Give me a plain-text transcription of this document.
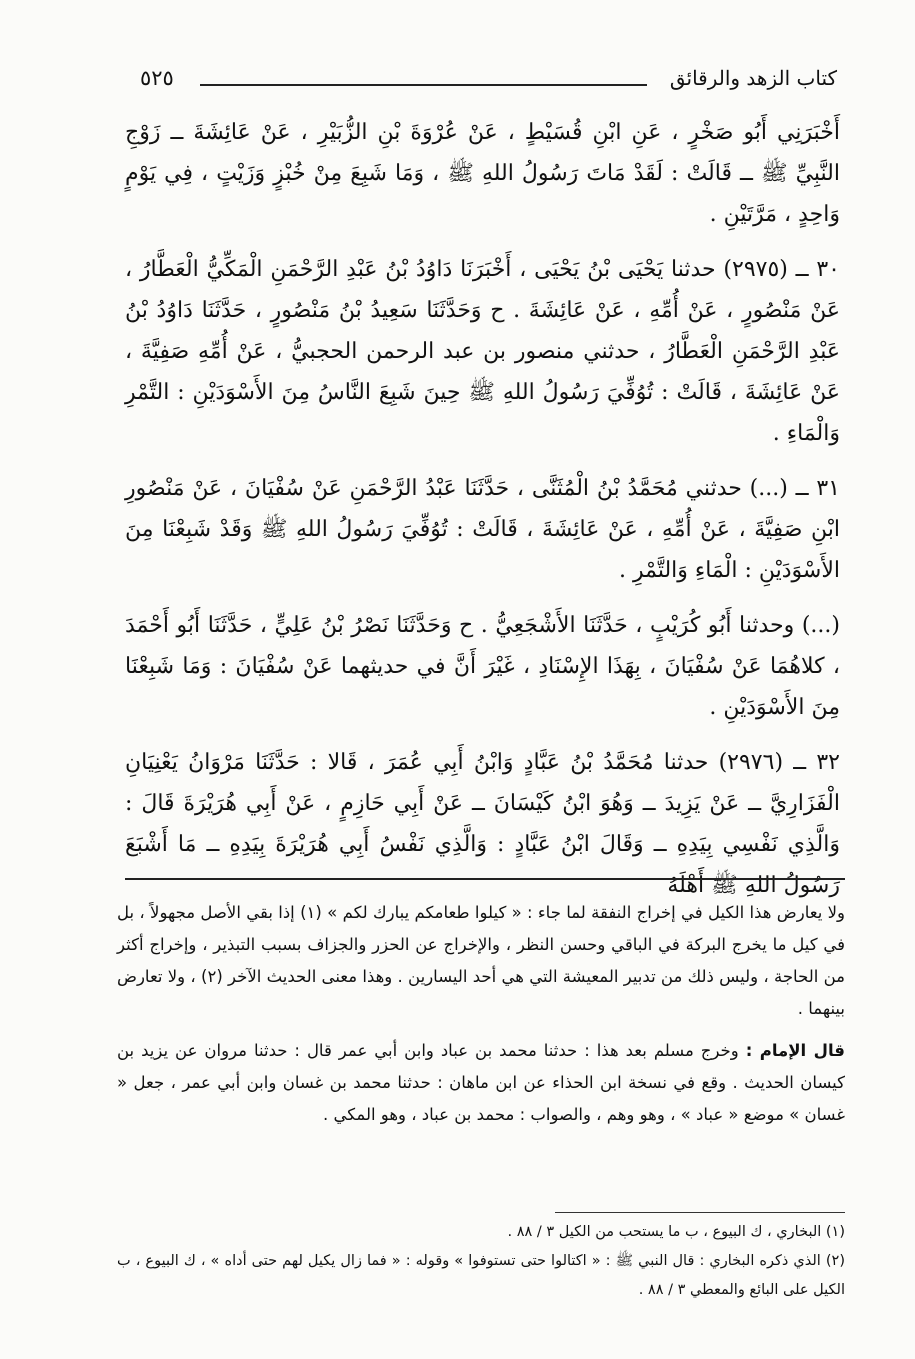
كتاب الزهد والرقائق
٥٢٥

أَخْبَرَنِي أَبُو صَخْرٍ ، عَنِ ابْنِ قُسَيْطٍ ، عَنْ عُرْوَةَ بْنِ الزُّبَيْرِ ، عَنْ عَائِشَةَ ــ زَوْجِ النَّبِيِّ ﷺ ــ قَالَتْ : لَقَدْ مَاتَ رَسُولُ اللهِ ﷺ ، وَمَا شَبِعَ مِنْ خُبْزٍ وَزَيْتٍ ، فِي يَوْمٍ وَاحِدٍ ، مَرَّتَيْنِ .

٣٠ ــ (٢٩٧٥) حدثنا يَحْيَى بْنُ يَحْيَى ، أَخْبَرَنَا دَاوُدُ بْنُ عَبْدِ الرَّحْمَنِ الْمَكِّيُّ الْعَطَّارُ ، عَنْ مَنْصُورٍ ، عَنْ أُمِّهِ ، عَنْ عَائِشَةَ . ح وَحَدَّثَنَا سَعِيدُ بْنُ مَنْصُورٍ ، حَدَّثَنَا دَاوُدُ بْنُ عَبْدِ الرَّحْمَنِ الْعَطَّارُ ، حدثني منصور بن عبد الرحمن الحجبيُّ ، عَنْ أُمِّهِ صَفِيَّةَ ، عَنْ عَائِشَةَ ، قَالَتْ : تُوُفِّيَ رَسُولُ اللهِ ﷺ حِينَ شَبِعَ النَّاسُ مِنَ الأَسْوَدَيْنِ : التَّمْرِ وَالْمَاءِ .

٣١ ــ (...) حدثني مُحَمَّدُ بْنُ الْمُثَنَّى ، حَدَّثَنَا عَبْدُ الرَّحْمَنِ عَنْ سُفْيَانَ ، عَنْ مَنْصُورِ ابْنِ صَفِيَّةَ ، عَنْ أُمِّهِ ، عَنْ عَائِشَةَ ، قَالَتْ : تُوُفِّيَ رَسُولُ اللهِ ﷺ وَقَدْ شَبِعْنَا مِنَ الأَسْوَدَيْنِ : الْمَاءِ وَالتَّمْرِ .

(...) وحدثنا أَبُو كُرَيْبٍ ، حَدَّثَنَا الأَشْجَعِيُّ . ح وَحَدَّثَنَا نَصْرُ بْنُ عَلِيٍّ ، حَدَّثَنَا أَبُو أَحْمَدَ ، كلاهُمَا عَنْ سُفْيَانَ ، بِهَذَا الإِسْنَادِ ، غَيْرَ أَنَّ في حديثهما عَنْ سُفْيَانَ : وَمَا شَبِعْنَا مِنَ الأَسْوَدَيْنِ .

٣٢ ــ (٢٩٧٦) حدثنا مُحَمَّدُ بْنُ عَبَّادٍ وَابْنُ أَبِي عُمَرَ ، قَالا : حَدَّثَنَا مَرْوَانُ يَعْنِيَانِ الْفَزَارِيَّ ــ عَنْ يَزِيدَ ــ وَهُوَ ابْنُ كَيْسَانَ ــ عَنْ أَبِي حَازِمٍ ، عَنْ أَبِي هُرَيْرَةَ قَالَ : وَالَّذِي نَفْسِي بِيَدِهِ ــ وَقَالَ ابْنُ عَبَّادٍ : وَالَّذِي نَفْسُ أَبِي هُرَيْرَةَ بِيَدِهِ ــ مَا أَشْبَعَ رَسُولُ اللهِ ﷺ أَهْلَهُ

ولا يعارض هذا الكيل في إخراج النفقة لما جاء : « كيلوا طعامكم يبارك لكم » (١) إذا بقي الأصل مجهولاً ، بل في كيل ما يخرج البركة في الباقي وحسن النظر ، والإخراج عن الحزر والجزاف بسبب التبذير ، وإخراج أكثر من الحاجة ، وليس ذلك من تدبير المعيشة التي هي أحد اليسارين . وهذا معنى الحديث الآخر (٢) ، ولا تعارض بينهما .

قال الإمام : وخرج مسلم بعد هذا : حدثنا محمد بن عباد وابن أبي عمر قال : حدثنا مروان عن يزيد بن كيسان الحديث . وقع في نسخة ابن الحذاء عن ابن ماهان : حدثنا محمد بن غسان وابن أبي عمر ، جعل « غسان » موضع « عباد » ، وهو وهم ، والصواب : محمد بن عباد ، وهو المكي .

(١) البخاري ، ك البيوع ، ب ما يستحب من الكيل ٣ / ٨٨ .

(٢) الذي ذكره البخاري : قال النبي ﷺ : « اكتالوا حتى تستوفوا » وقوله : « فما زال يكيل لهم حتى أداه » ، ك البيوع ، ب الكيل على البائع والمعطي ٣ / ٨٨ .
